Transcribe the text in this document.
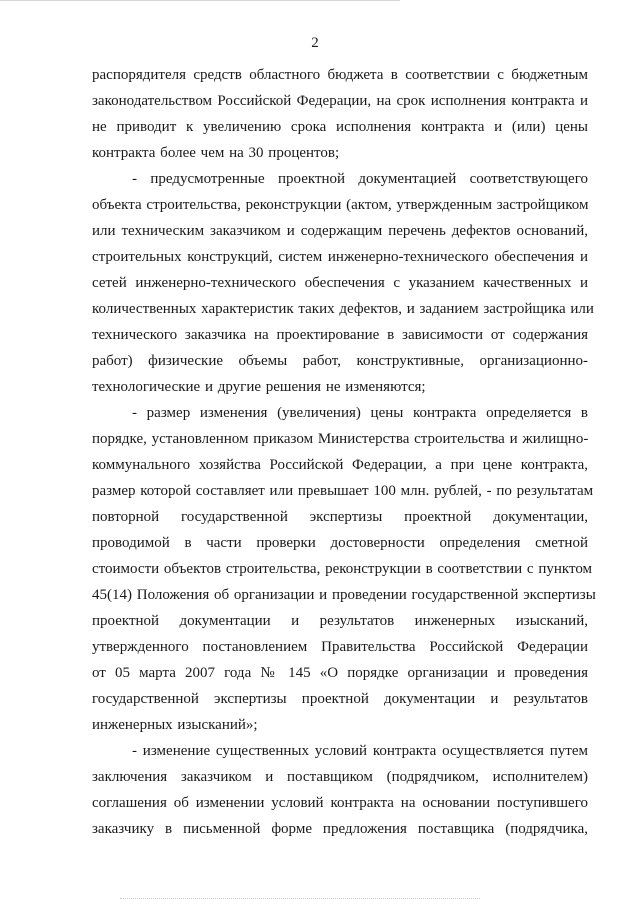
2

распорядителя средств областного бюджета в соответствии с бюджетным
законодательством Российской Федерации, на срок исполнения контракта и
не приводит к увеличению срока исполнения контракта и (или) цены
контракта более чем на 30 процентов;

- предусмотренные проектной документацией соответствующего
объекта строительства, реконструкции (актом, утвержденным застройщиком
или техническим заказчиком и содержащим перечень дефектов оснований,
строительных конструкций, систем инженерно-технического обеспечения и
сетей инженерно-технического обеспечения с указанием качественных и
количественных характеристик таких дефектов, и заданием застройщика или
технического заказчика на проектирование в зависимости от содержания
работ) физические объемы работ, конструктивные, организационно-
технологические и другие решения не изменяются;

- размер изменения (увеличения) цены контракта определяется в
порядке, установленном приказом Министерства строительства и жилищно-
коммунального хозяйства Российской Федерации, а при цене контракта,
размер которой составляет или превышает 100 млн. рублей, - по результатам
повторной государственной экспертизы проектной документации,
проводимой в части проверки достоверности определения сметной
стоимости объектов строительства, реконструкции в соответствии с пунктом
45(14) Положения об организации и проведении государственной экспертизы
проектной документации и результатов инженерных изысканий,
утвержденного постановлением Правительства Российской Федерации
от 05 марта 2007 года № 145 «О порядке организации и проведения
государственной экспертизы проектной документации и результатов
инженерных изысканий»;

- изменение существенных условий контракта осуществляется путем
заключения заказчиком и поставщиком (подрядчиком, исполнителем)
соглашения об изменении условий контракта на основании поступившего
заказчику в письменной форме предложения поставщика (подрядчика,
